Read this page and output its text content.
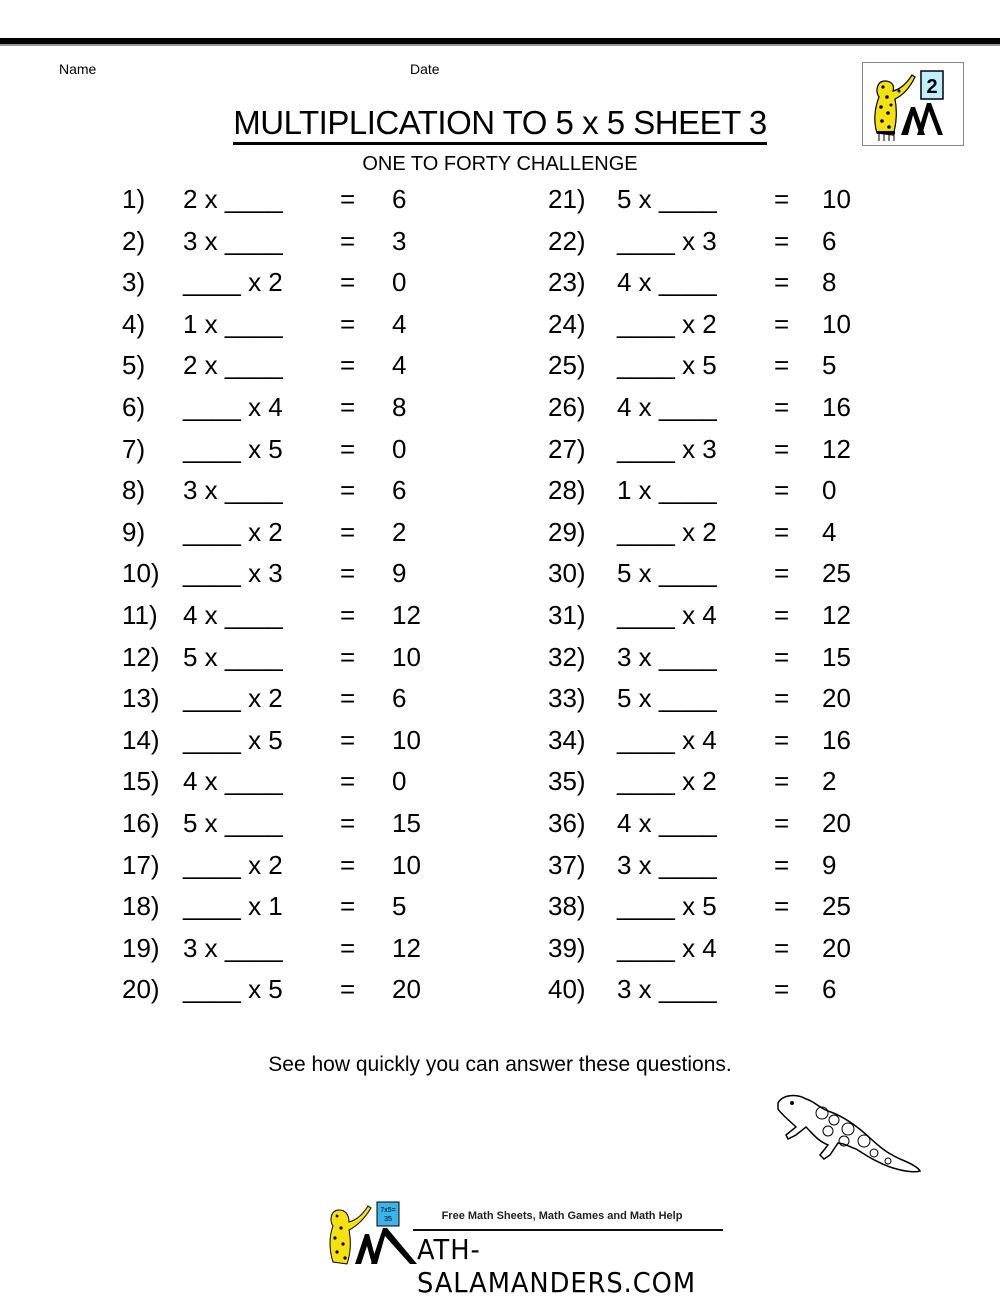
Name	Date
2
MULTIPLICATION TO 5 x 5 SHEET 3
ONE TO FORTY CHALLENGE
1) 2 x ____ = 6
2) 3 x ____ = 3
3) ____ x 2 = 0
4) 1 x ____ = 4
5) 2 x ____ = 4
6) ____ x 4 = 8
7) ____ x 5 = 0
8) 3 x ____ = 6
9) ____ x 2 = 2
10) ____ x 3 = 9
11) 4 x ____ = 12
12) 5 x ____ = 10
13) ____ x 2 = 6
14) ____ x 5 = 10
15) 4 x ____ = 0
16) 5 x ____ = 15
17) ____ x 2 = 10
18) ____ x 1 = 5
19) 3 x ____ = 12
20) ____ x 5 = 20
21) 5 x ____ = 10
22) ____ x 3 = 6
23) 4 x ____ = 8
24) ____ x 2 = 10
25) ____ x 5 = 5
26) 4 x ____ = 16
27) ____ x 3 = 12
28) 1 x ____ = 0
29) ____ x 2 = 4
30) 5 x ____ = 25
31) ____ x 4 = 12
32) 3 x ____ = 15
33) 5 x ____ = 20
34) ____ x 4 = 16
35) ____ x 2 = 2
36) 4 x ____ = 20
37) 3 x ____ = 9
38) ____ x 5 = 25
39) ____ x 4 = 20
40) 3 x ____ = 6
See how quickly you can answer these questions.
7x5=
35	Free Math Sheets, Math Games and Math Help
ATH-SALAMANDERS.COM
